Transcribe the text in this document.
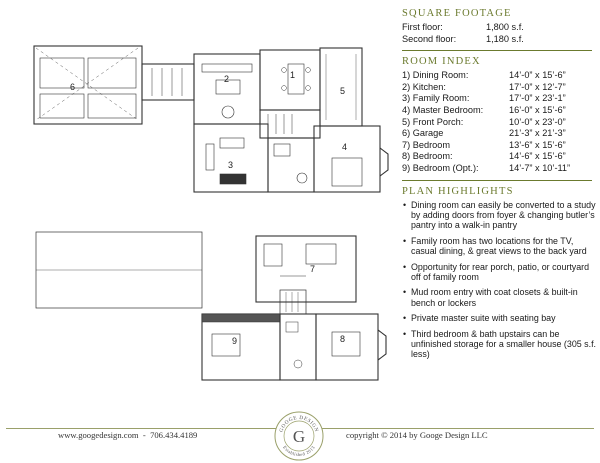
6
2	1
5
3
4
7
8
9
SQUARE FOOTAGE
First floor:	1,800 s.f.
Second floor:	1,180 s.f.
ROOM INDEX
1) Dining Room:	14’-0” x 15’-6”
2) Kitchen:	17’-0” x 12’-7”
3) Family Room:	17’-0” x 23’-1”
4) Master Bedroom:	16’-0” x 15’-6”
5) Front Porch:	10’-0” x 23’-0”
6) Garage	21’-3” x 21’-3”
7) Bedroom	13’-6” x 15’-6”
8) Bedroom:	14’-6” x 15’-6”
9) Bedroom (Opt.):	14’-7” x 10’-11”
PLAN HIGHLIGHTS
• Dining room can easily be converted to a study by adding doors from foyer & changing butler’s pantry into a walk-in pantry
• Family room has two locations for the TV, casual dining, & great views to the back yard
• Opportunity for rear porch, patio, or courtyard off of family room
• Mud room entry with coat closets & built-in bench or lockers
• Private master suite with seating bay
• Third bedroom & bath upstairs can be unfinished storage for a smaller house (305 s.f. less)
www.googedesign.com - 706.434.4189	copyright © 2014 by Googe Design LLC
GOOGE DESIGN
Established 2013
G
